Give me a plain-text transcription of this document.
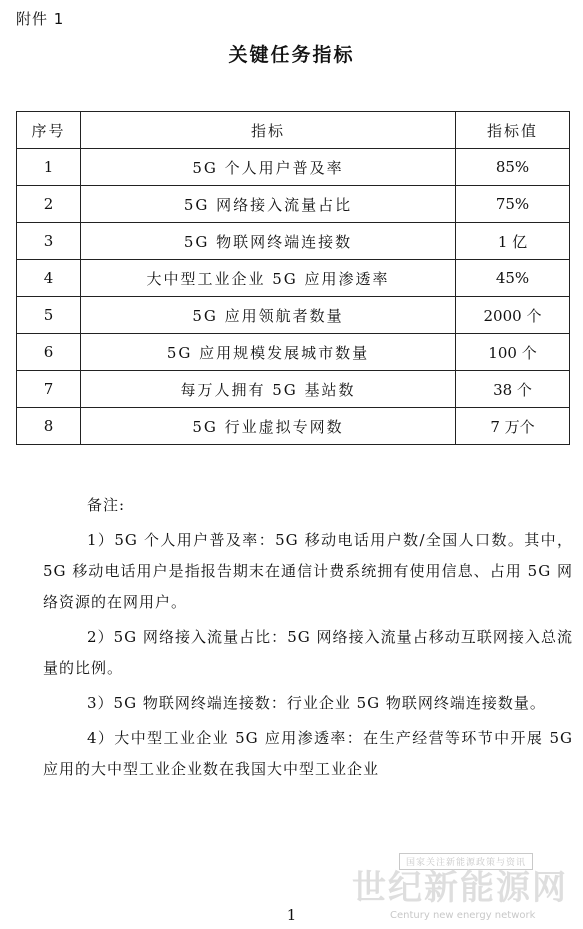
附件 1
关键任务指标
序号	指标	指标值
1	5G 个人用户普及率	85%
2	5G 网络接入流量占比	75%
3	5G 物联网终端连接数	1 亿
4	大中型工业企业 5G 应用渗透率	45%
5	5G 应用领航者数量	2000 个
6	5G 应用规模发展城市数量	100 个
7	每万人拥有 5G 基站数	38 个
8	5G 行业虚拟专网数	7 万个
备注:

1）5G 个人用户普及率：5G 移动电话用户数/全国人口数。其中，5G 移动电话用户是指报告期末在通信计费系统拥有使用信息、占用 5G 网络资源的在网用户。

2）5G 网络接入流量占比：5G 网络接入流量占移动互联网接入总流量的比例。

3）5G 物联网终端连接数：行业企业 5G 物联网终端连接数量。

4）大中型工业企业 5G 应用渗透率：在生产经营等环节中开展 5G 应用的大中型工业企业数在我国大中型工业企业

国家关注新能源政策与资讯
世纪新能源网
Century new energy network
1
